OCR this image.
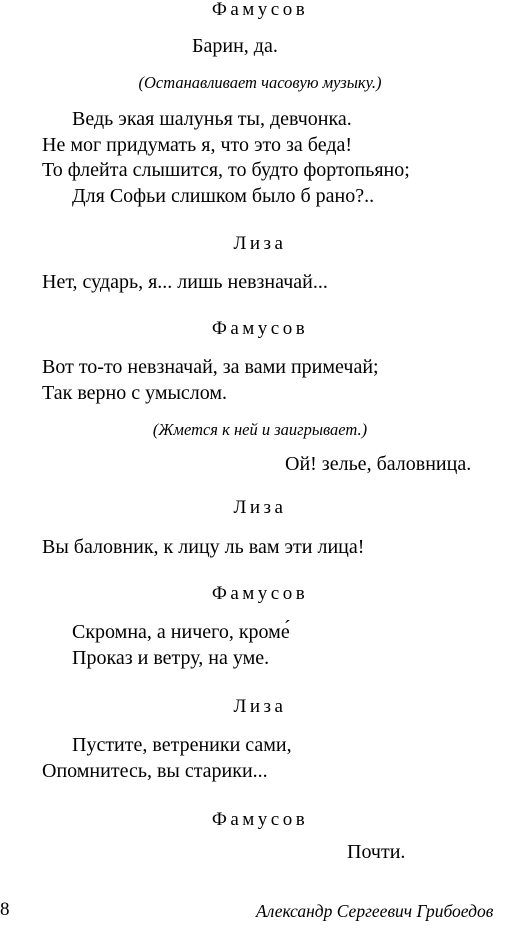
Фамусов
Барин, да.
(Останавливает часовую музыку.)
Ведь экая шалунья ты, девчонка.
Не мог придумать я, что это за беда!
То флейта слышится, то будто фортопьяно;
Для Софьи слишком было б рано?..
Лиза
Нет, сударь, я... лишь невзначай...
Фамусов
Вот то-то невзначай, за вами примечай;
Так верно с умыслом.
(Жмется к ней и заигрывает.)
Ой! зелье, баловница.
Лиза
Вы баловник, к лицу ль вам эти лица!
Фамусов
Скромна, а ничего, кроме́
Проказ и ветру, на уме.
Лиза
Пустите, ветреники сами,
Опомнитесь, вы старики...
Фамусов
Почти.
8	Александр Сергеевич Грибоедов
